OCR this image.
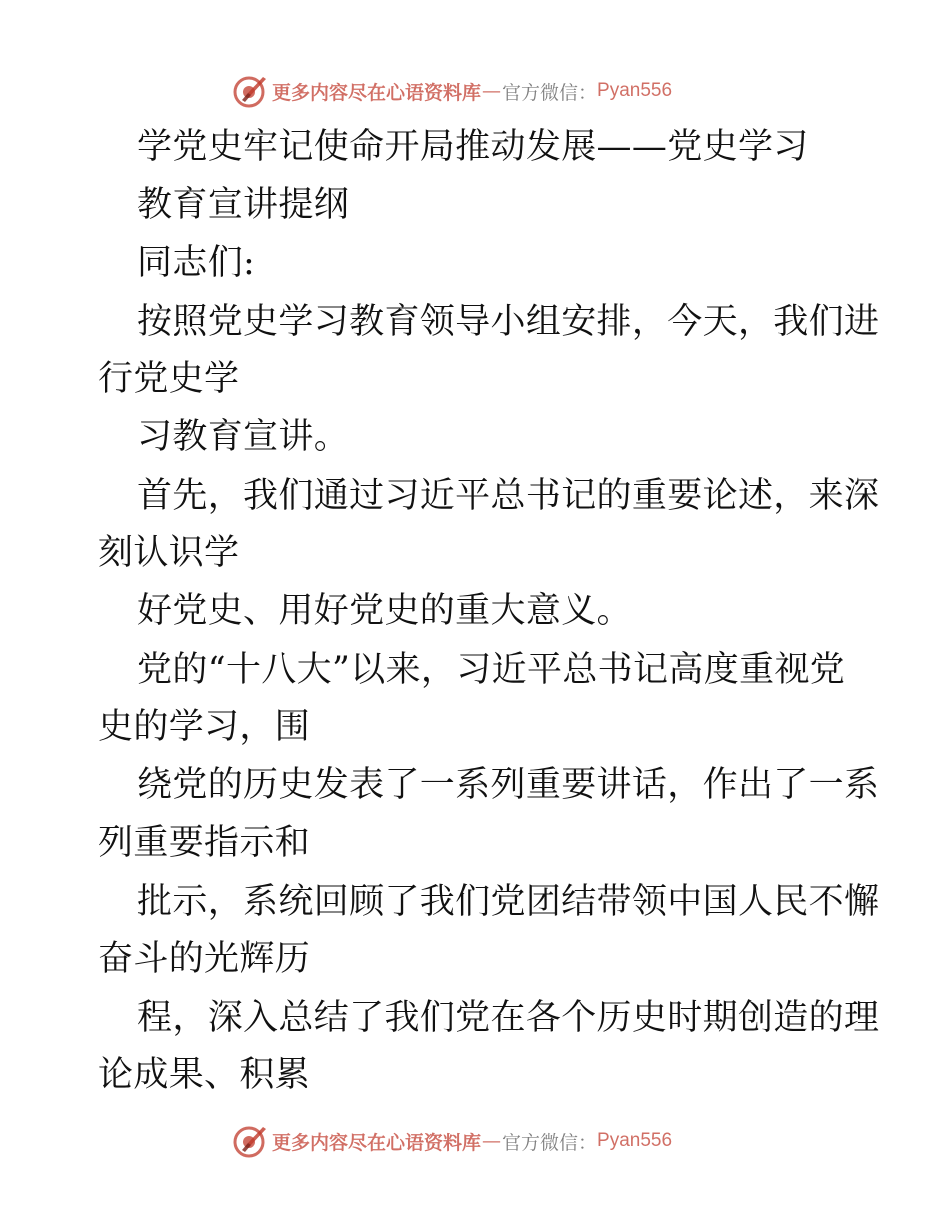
更多内容尽在心语资料库 — 官方微信： Pyan556
学党史牢记使命开局推动发展——党史学习
教育宣讲提纲
同志们:
按照党史学习教育领导小组安排，今天，我们进
行党史学
习教育宣讲。
首先，我们通过习近平总书记的重要论述，来深
刻认识学
好党史、用好党史的重大意义。
党的“十八大”以来，习近平总书记高度重视党
史的学习，围
绕党的历史发表了一系列重要讲话，作出了一系
列重要指示和
批示，系统回顾了我们党团结带领中国人民不懈
奋斗的光辉历
程，深入总结了我们党在各个历史时期创造的理
论成果、积累
更多内容尽在心语资料库 — 官方微信： Pyan556
